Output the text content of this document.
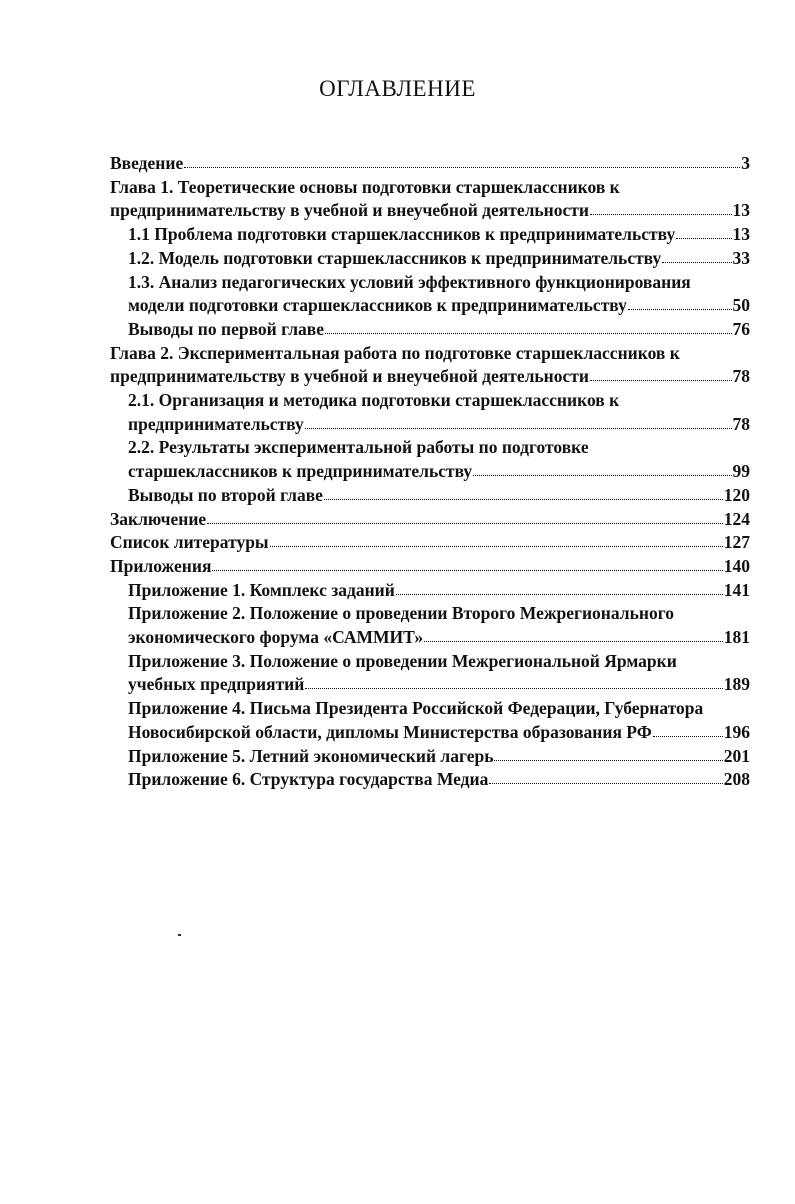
ОГЛАВЛЕНИЕ
Введение	3
Глава 1. Теоретические основы подготовки старшеклассников к
предпринимательству в учебной и внеучебной деятельности	13
1.1 Проблема подготовки старшеклассников к предпринимательству	13
1.2. Модель подготовки старшеклассников к предпринимательству	33
1.3. Анализ педагогических условий эффективного функционирования
модели подготовки старшеклассников к предпринимательству	50
Выводы по первой главе	76
Глава 2. Экспериментальная работа по подготовке старшеклассников к
предпринимательству в учебной и внеучебной деятельности	78
2.1. Организация и методика подготовки старшеклассников к
предпринимательству	78
2.2. Результаты экспериментальной работы по подготовке
старшеклассников к предпринимательству	99
Выводы по второй главе	120
Заключение	124
Список литературы	127
Приложения	140
Приложение 1. Комплекс заданий	141
Приложение 2. Положение о проведении Второго Межрегионального
экономического форума «САММИТ»	181
Приложение 3. Положение о проведении Межрегиональной Ярмарки
учебных предприятий	189
Приложение 4. Письма Президента Российской Федерации, Губернатора
Новосибирской области, дипломы Министерства образования РФ	196
Приложение 5. Летний экономический лагерь	201
Приложение 6. Структура государства Медиа	208
